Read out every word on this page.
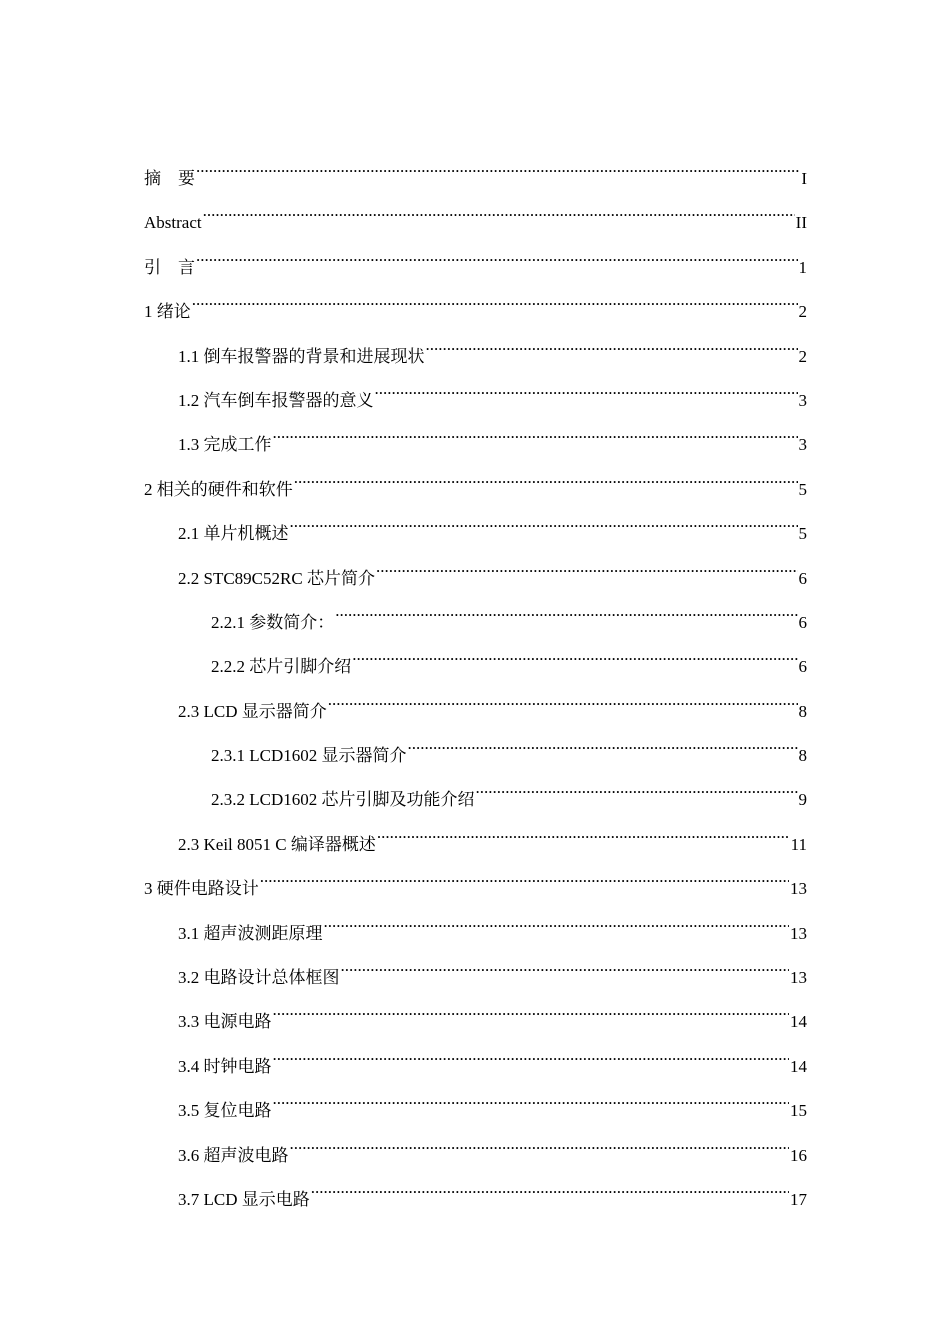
摘　要 .....	I
Abstract .....	II
引　言 .....	1
1 绪论 .....	2
1.1 倒车报警器的背景和进展现状 .....	2
1.2 汽车倒车报警器的意义 .....	3
1.3 完成工作 .....	3
2 相关的硬件和软件 .....	5
2.1 单片机概述 .....	5
2.2 STC89C52RC 芯片简介 .....	6
2.2.1 参数简介： .....	6
2.2.2 芯片引脚介绍 .....	6
2.3 LCD 显示器简介 .....	8
2.3.1 LCD1602 显示器简介 .....	8
2.3.2 LCD1602 芯片引脚及功能介绍 .....	9
2.3 Keil 8051 C 编译器概述 .....	11
3 硬件电路设计 .....	13
3.1 超声波测距原理 .....	13
3.2 电路设计总体框图 .....	13
3.3 电源电路 .....	14
3.4 时钟电路 .....	14
3.5 复位电路 .....	15
3.6 超声波电路 .....	16
3.7 LCD 显示电路 .....	17
